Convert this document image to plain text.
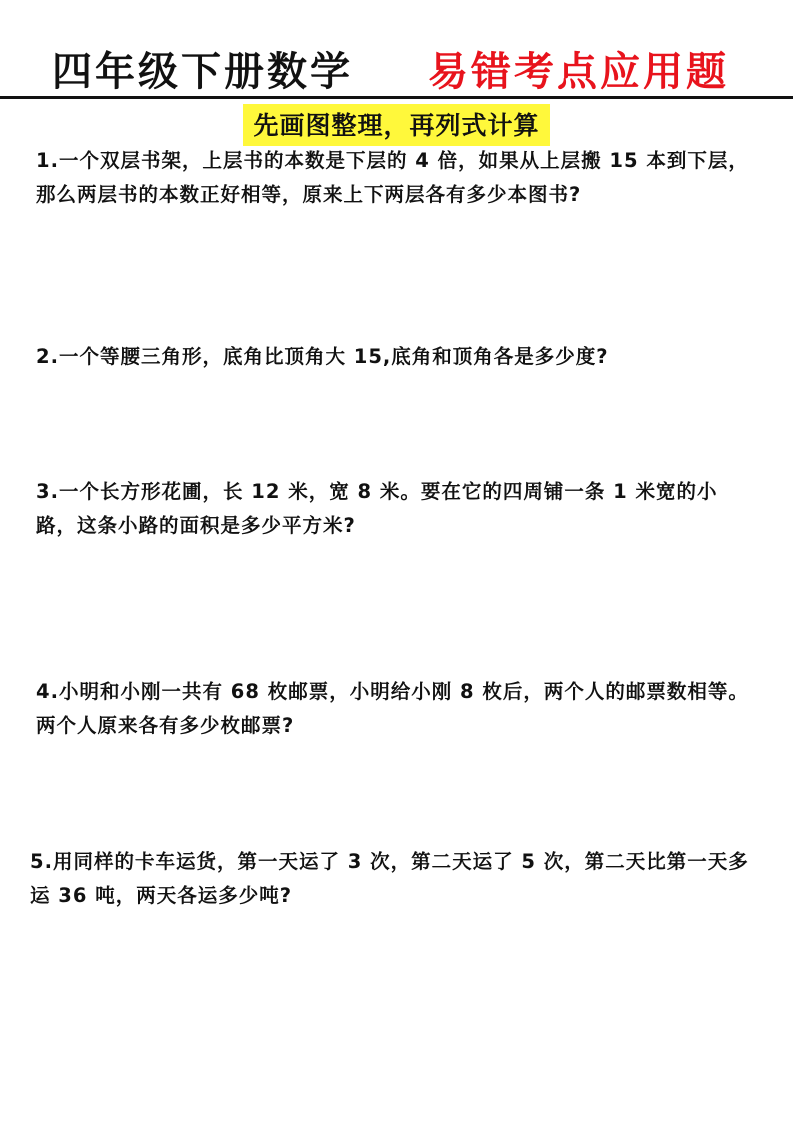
四年级下册数学 易错考点应用题
先画图整理，再列式计算
1.一个双层书架，上层书的本数是下层的 4 倍，如果从上层搬 15 本到下层，那么两层书的本数正好相等，原来上下两层各有多少本图书?
2.一个等腰三角形，底角比顶角大 15,底角和顶角各是多少度?
3.一个长方形花圃，长 12 米，宽 8 米。要在它的四周铺一条 1 米宽的小路，这条小路的面积是多少平方米?
4.小明和小刚一共有 68 枚邮票，小明给小刚 8 枚后，两个人的邮票数相等。两个人原来各有多少枚邮票?
5.用同样的卡车运货，第一天运了 3 次，第二天运了 5 次，第二天比第一天多运 36 吨，两天各运多少吨?
